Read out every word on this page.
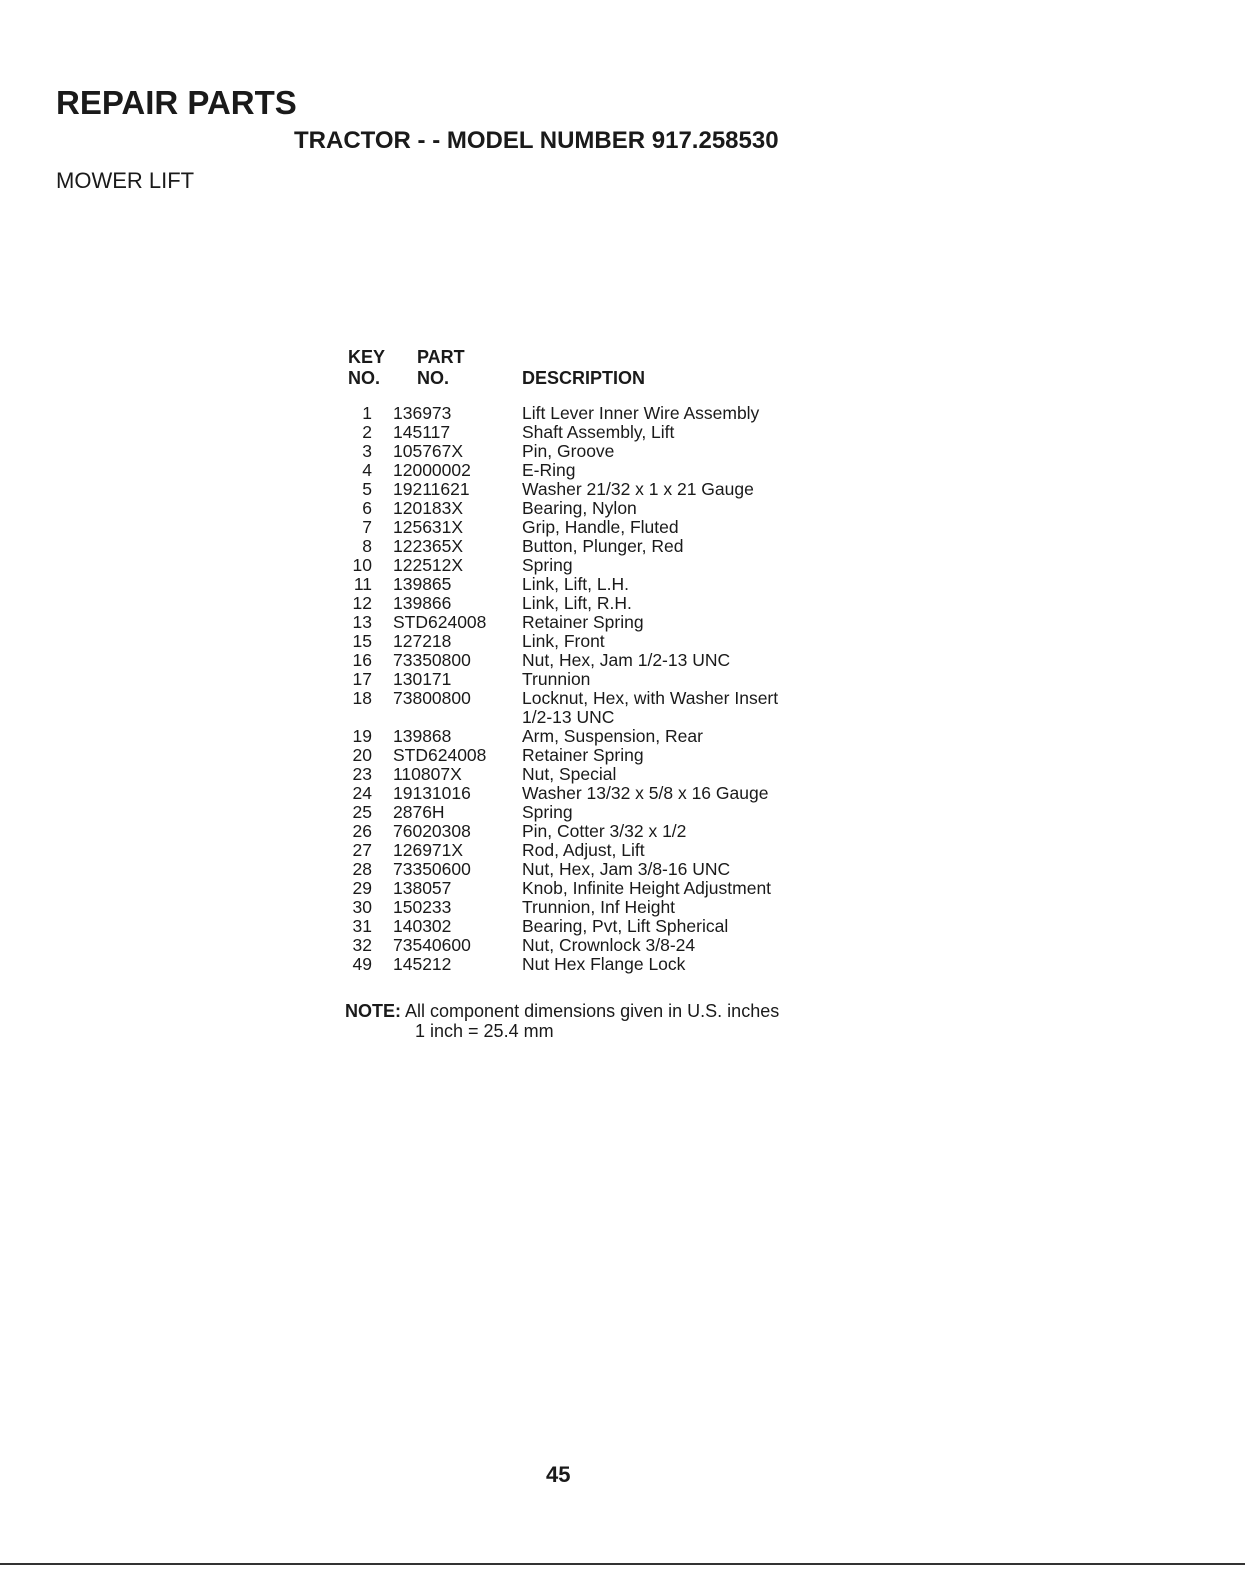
REPAIR PARTS
TRACTOR - - MODEL NUMBER 917.258530
MOWER LIFT
KEY
NO.
PART
NO.	DESCRIPTION
1 136973	Lift Lever Inner Wire Assembly
2 145117	Shaft Assembly, Lift
3 105767X	Pin, Groove
4 12000002	E-Ring
5 19211621	Washer 21/32 x 1 x 21 Gauge
6 120183X	Bearing, Nylon
7 125631X	Grip, Handle, Fluted
8 122365X	Button, Plunger, Red
10 122512X	Spring
11 139865	Link, Lift, L.H.
12 139866	Link, Lift, R.H.
13 STD624008 Retainer Spring
15 127218	Link, Front
16 73350800	Nut, Hex, Jam 1/2-13 UNC
17 130171	Trunnion
18 73800800	Locknut, Hex, with Washer Insert
1/2-13 UNC
19 139868	Arm, Suspension, Rear
20 STD624008 Retainer Spring
23 110807X	Nut, Special
24 19131016	Washer 13/32 x 5/8 x 16 Gauge
25 2876H	Spring
26 76020308	Pin, Cotter 3/32 x 1/2
27 126971X	Rod, Adjust, Lift
28 73350600	Nut, Hex, Jam 3/8-16 UNC
29 138057	Knob, Infinite Height Adjustment
30 150233	Trunnion, Inf Height
31 140302	Bearing, Pvt, Lift Spherical
32 73540600	Nut, Crownlock 3/8-24
49 145212	Nut Hex Flange Lock
NOTE: All component dimensions given in U.S. inches
1 inch = 25.4 mm
45
